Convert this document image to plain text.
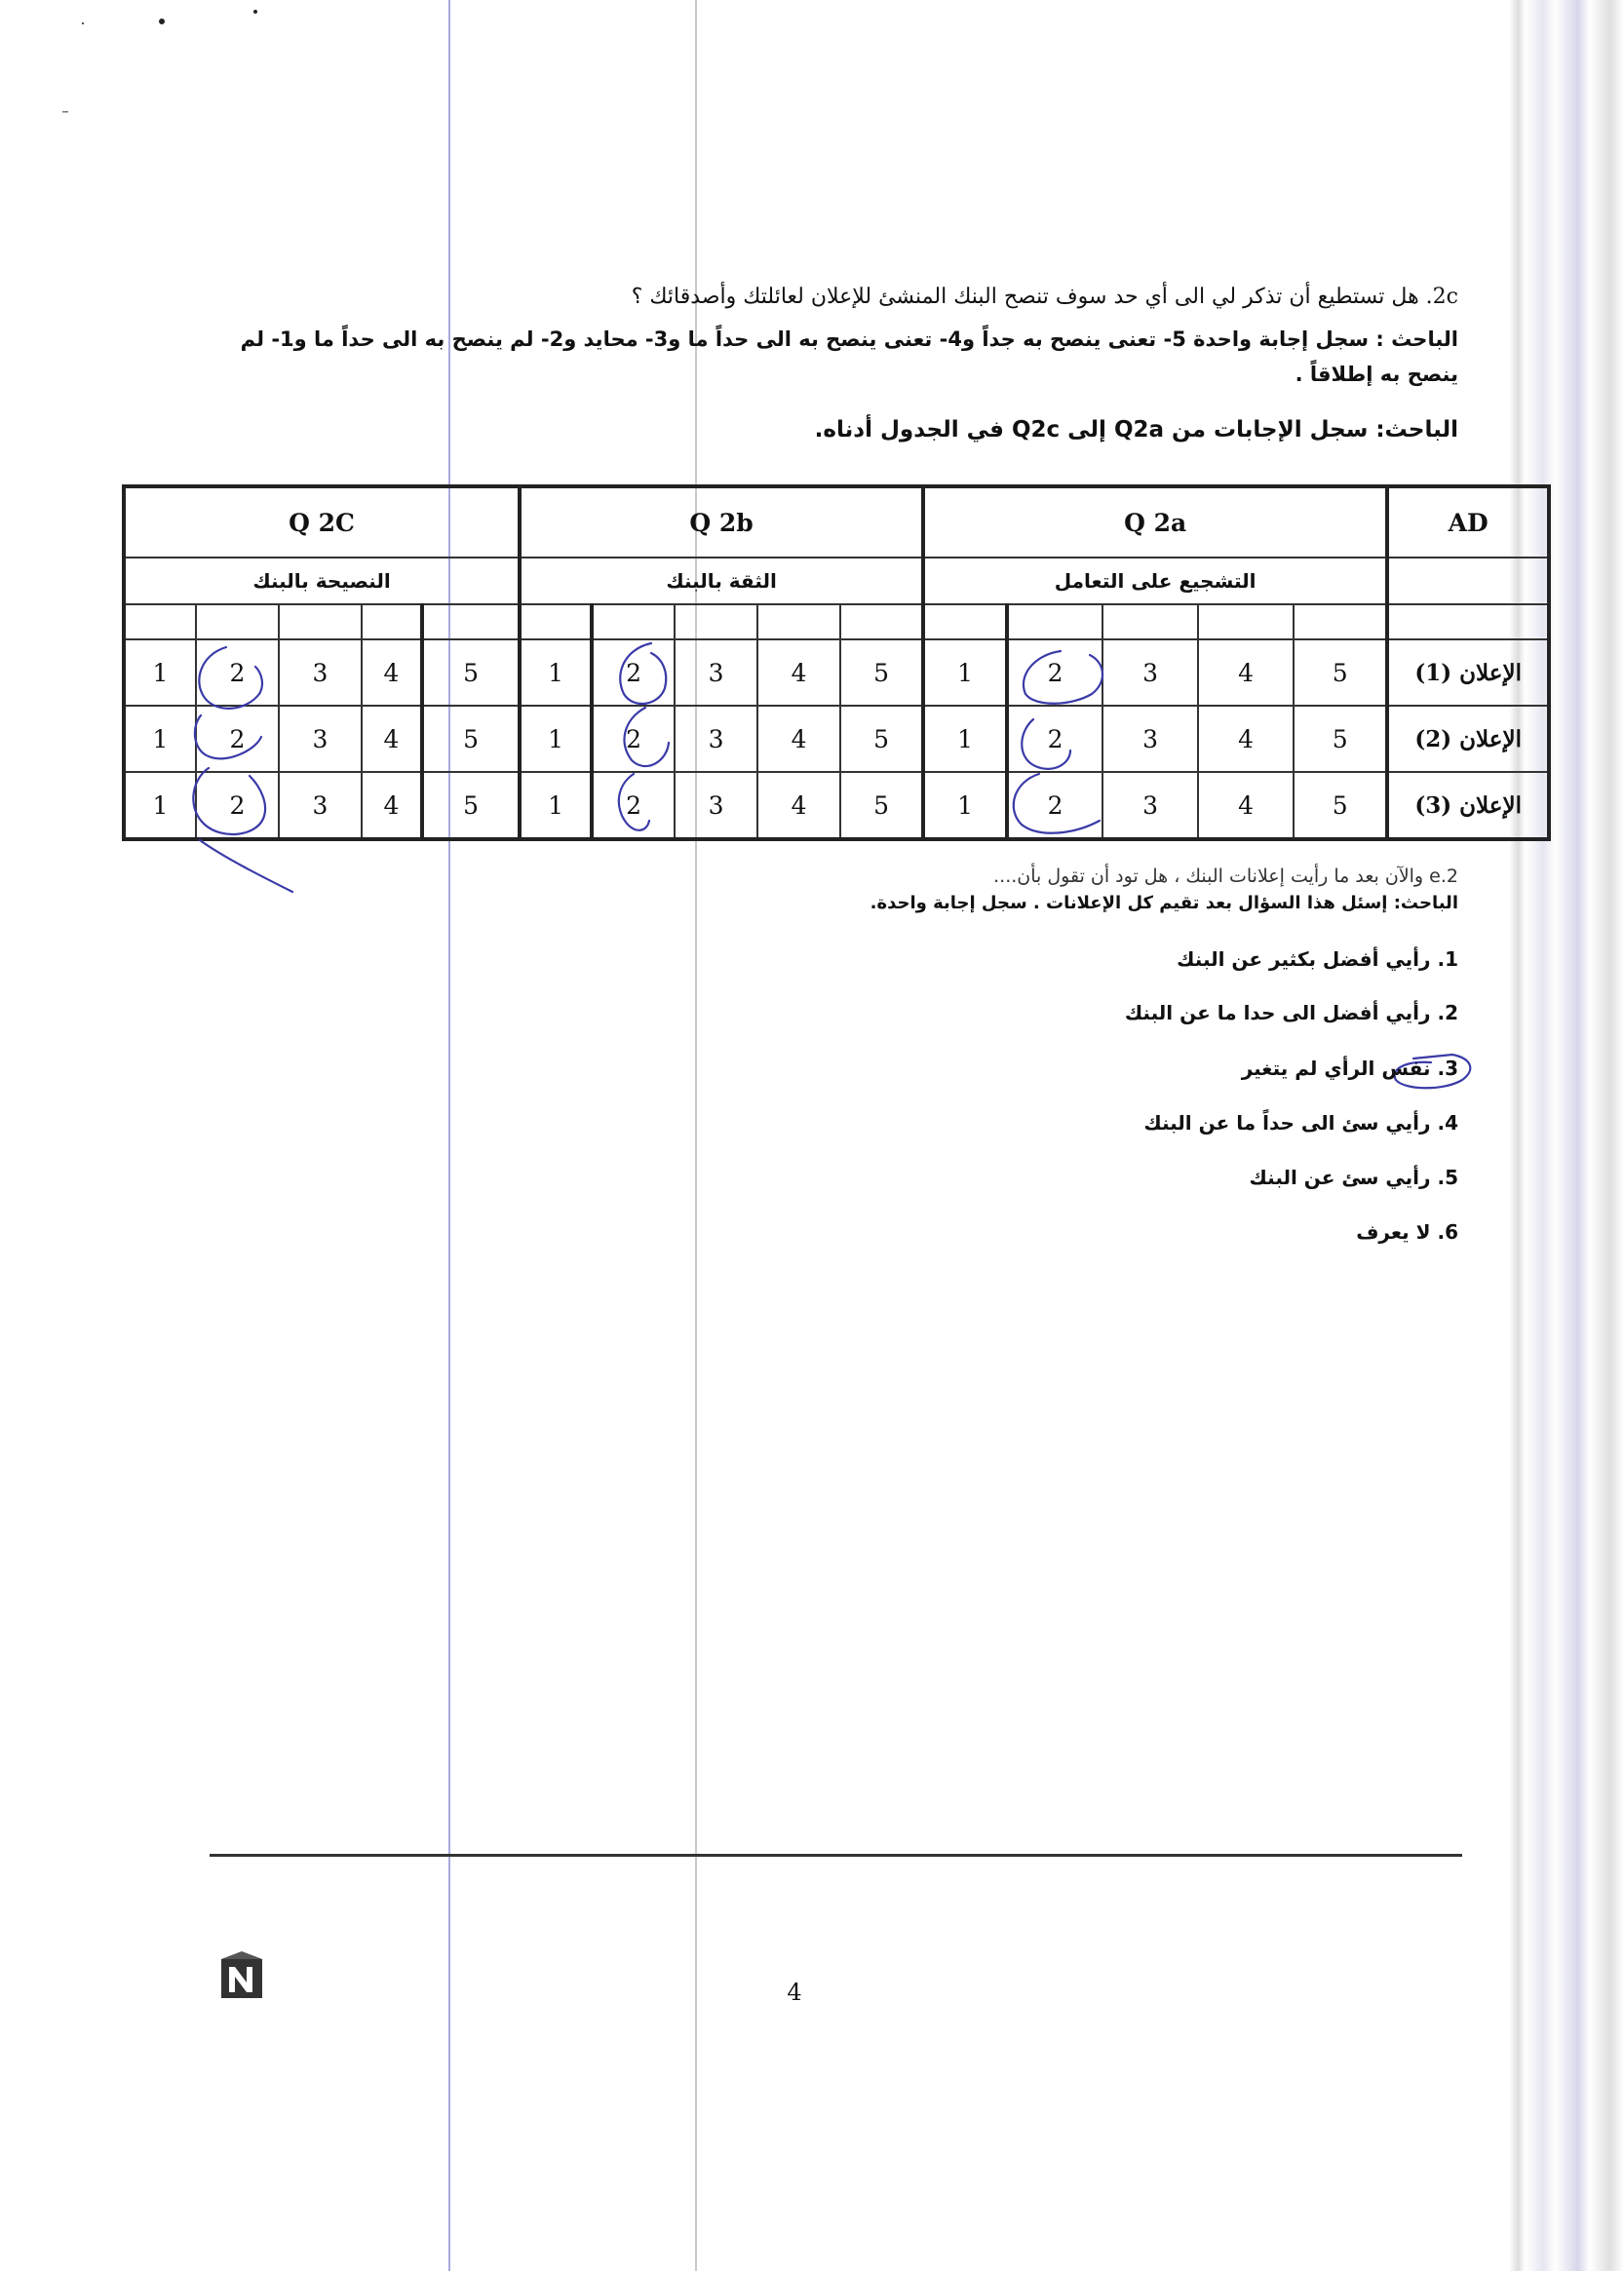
2c. هل تستطيع أن تذكر لي الى أي حد سوف تنصح البنك المنشئ للإعلان لعائلتك وأصدقائك ؟
الباحث : سجل إجابة واحدة 5- تعنى ينصح به جداً و4- تعنى ينصح به الى حداً ما و3- محايد و2- لم ينصح به الى حداً ما و1- لم
ينصح به إطلاقاً .
الباحث: سجل الإجابات من Q2a إلى Q2c في الجدول أدناه.
Q 2C					Q 2b					Q 2a					AD
النصيحة بالبنك					الثقة بالبنك					التشجيع على التعامل					

1	2	3	4	5	1	2	3	4	5	1	2	3	4	5	الإعلان (1)
1	2	3	4	5	1	2	3	4	5	1	2	3	4	5	الإعلان (2)
1	2	3	4	5	1	2	3	4	5	1	2	3	4	5	الإعلان (3)
2.e والآن بعد ما رأيت إعلانات البنك ، هل تود أن تقول بأن....
الباحث: إسئل هذا السؤال بعد تقيم كل الإعلانات . سجل إجابة واحدة.
1. رأيي أفضل بكثير عن البنك
2. رأيي أفضل الى حدا ما عن البنك
3. نفس الرأي لم يتغير
4. رأيي سئ الى حداً ما عن البنك
5. رأيي سئ عن البنك
6. لا يعرف
4
